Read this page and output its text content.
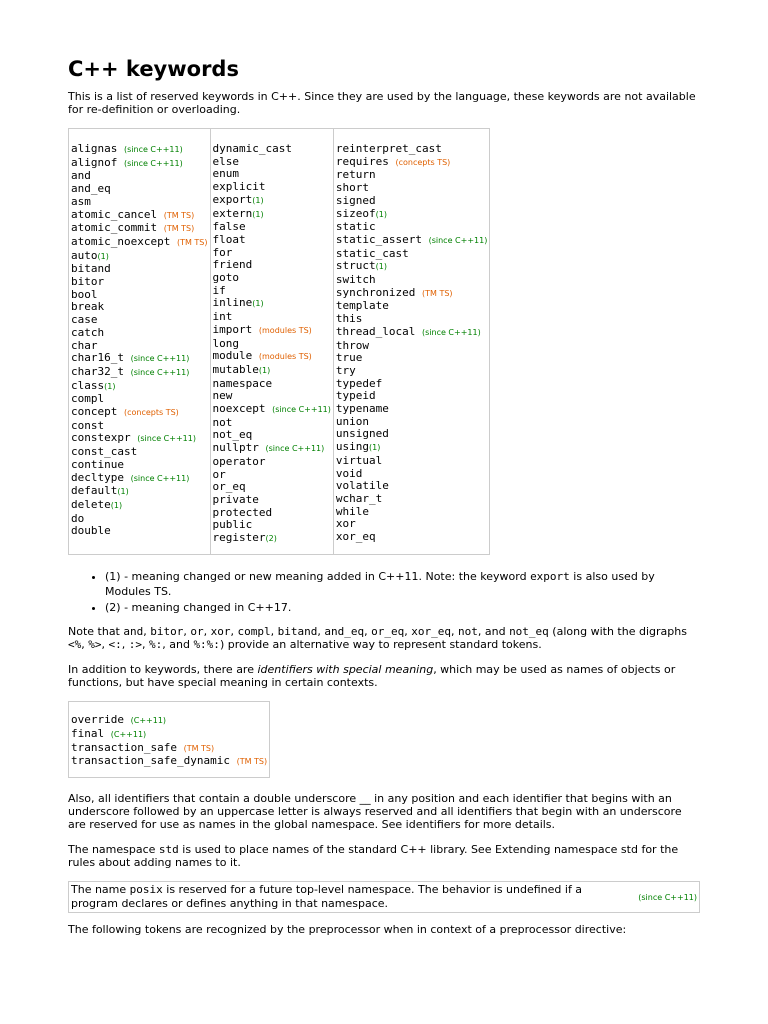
C++ keywords

This is a list of reserved keywords in C++. Since they are used by the language, these keywords are not available for re-definition or overloading.

alignas (since C++11)
alignof (since C++11)
and
and_eq
asm
atomic_cancel (TM TS)
atomic_commit (TM TS)
atomic_noexcept (TM TS)
auto(1)
bitand
bitor
bool
break
case
catch
char
char16_t (since C++11)
char32_t (since C++11)
class(1)
compl
concept (concepts TS)
const
constexpr (since C++11)
const_cast
continue
decltype (since C++11)
default(1)
delete(1)
do
double

dynamic_cast
else
enum
explicit
export(1)
extern(1)
false
float
for
friend
goto
if
inline(1)
int
import (modules TS)
long
module (modules TS)
mutable(1)
namespace
new
noexcept (since C++11)
not
not_eq
nullptr (since C++11)
operator
or
or_eq
private
protected
public
register(2)

reinterpret_cast
requires (concepts TS)
return
short
signed
sizeof(1)
static
static_assert (since C++11)
static_cast
struct(1)
switch
synchronized (TM TS)
template
this
thread_local (since C++11)
throw
true
try
typedef
typeid
typename
union
unsigned
using(1)
virtual
void
volatile
wchar_t
while
xor
xor_eq
• (1) - meaning changed or new meaning added in C++11. Note: the keyword export is also used by Modules TS.
• (2) - meaning changed in C++17.

Note that and, bitor, or, xor, compl, bitand, and_eq, or_eq, xor_eq, not, and not_eq (along with the digraphs <%, %>, <:, :>, %:, and %:%:) provide an alternative way to represent standard tokens.

In addition to keywords, there are identifiers with special meaning, which may be used as names of objects or functions, but have special meaning in certain contexts.

override (C++11)
final (C++11)
transaction_safe (TM TS)
transaction_safe_dynamic (TM TS)

Also, all identifiers that contain a double underscore __ in any position and each identifier that begins with an underscore followed by an uppercase letter is always reserved and all identifiers that begin with an underscore are reserved for use as names in the global namespace. See identifiers for more details.

The namespace std is used to place names of the standard C++ library. See Extending namespace std for the rules about adding names to it.

The name posix is reserved for a future top-level namespace. The behavior is undefined if a program declares or defines anything in that namespace.	(since C++11)

The following tokens are recognized by the preprocessor when in context of a preprocessor directive:
